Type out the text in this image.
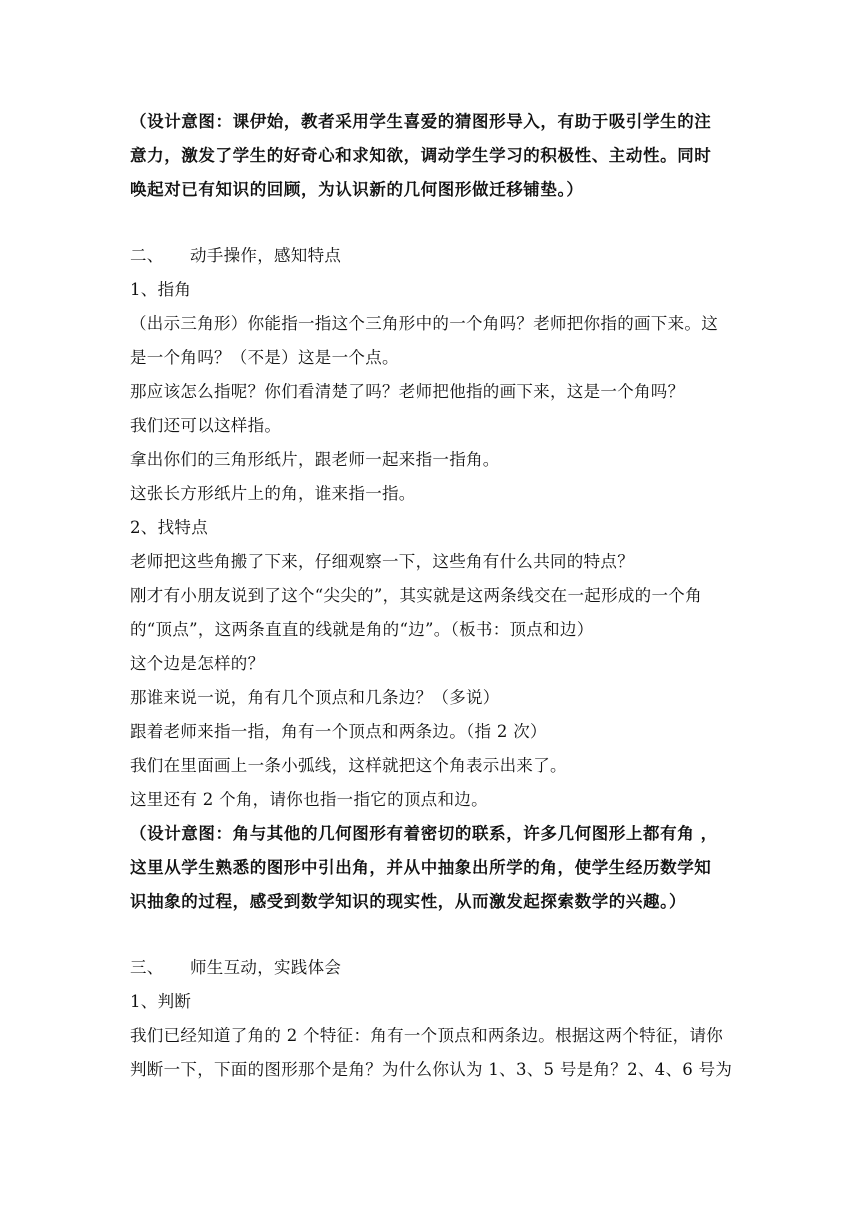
（设计意图：课伊始，教者采用学生喜爱的猜图形导入，有助于吸引学生的注
意力，激发了学生的好奇心和求知欲，调动学生学习的积极性、主动性。同时
唤起对已有知识的回顾，为认识新的几何图形做迁移铺垫。）
二、 动手操作，感知特点
1、指角
（出示三角形）你能指一指这个三角形中的一个角吗？老师把你指的画下来。这
是一个角吗？（不是）这是一个点。
那应该怎么指呢？你们看清楚了吗？老师把他指的画下来，这是一个角吗？
我们还可以这样指。
拿出你们的三角形纸片，跟老师一起来指一指角。
这张长方形纸片上的角，谁来指一指。
2、找特点
老师把这些角搬了下来，仔细观察一下，这些角有什么共同的特点？
刚才有小朋友说到了这个“尖尖的”，其实就是这两条线交在一起形成的一个角
的“顶点”，这两条直直的线就是角的“边”。（板书：顶点和边）
这个边是怎样的？
那谁来说一说，角有几个顶点和几条边？（多说）
跟着老师来指一指，角有一个顶点和两条边。（指 2 次）
我们在里面画上一条小弧线，这样就把这个角表示出来了。
这里还有 2 个角，请你也指一指它的顶点和边。
（设计意图：角与其他的几何图形有着密切的联系，许多几何图形上都有角 ，
这里从学生熟悉的图形中引出角，并从中抽象出所学的角，使学生经历数学知
识抽象的过程，感受到数学知识的现实性，从而激发起探索数学的兴趣。）
三、 师生互动，实践体会
1、判断
我们已经知道了角的 2 个特征：角有一个顶点和两条边。根据这两个特征，请你
判断一下，下面的图形那个是角？为什么你认为 1、3、5 号是角？2、4、6 号为
